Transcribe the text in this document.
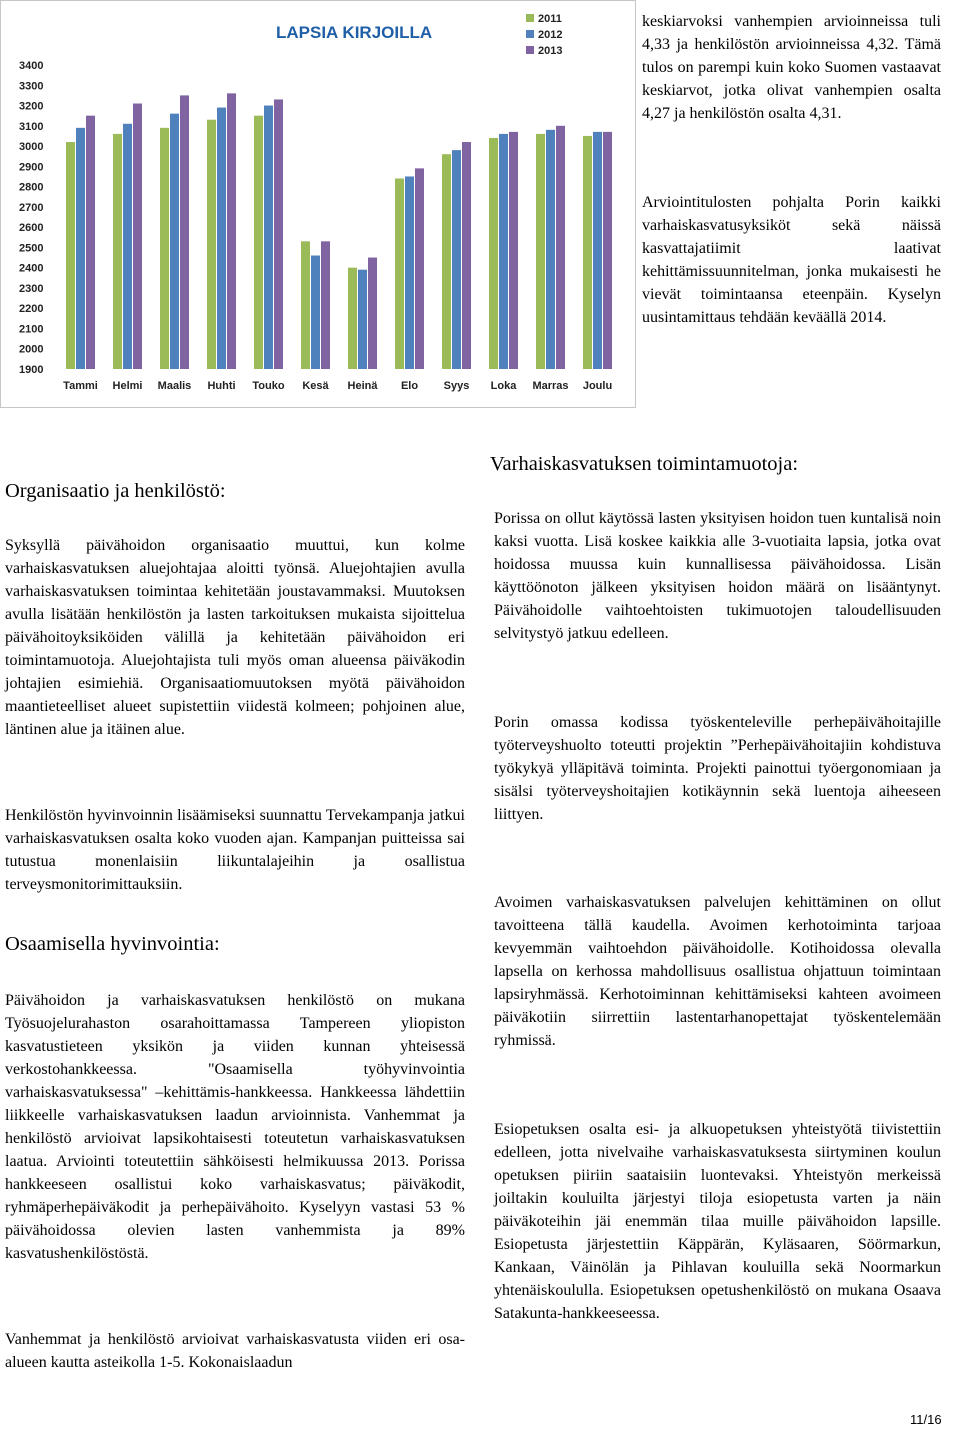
LAPSIA KIRJOILLA
1900
2000
2100
2200
2300
2400
2500
2600
2700
2800
2900
3000
3100
3200
3300
3400
Tammi Helmi Maalis Huhti Touko Kesä Heinä Elo Syys Loka Marras Joulu
2011
2012
2013
keskiarvoksi vanhempien arvioinneissa tuli 4,33 ja henkilöstön arvioinneissa 4,32. Tämä tulos on parempi kuin koko Suomen vastaavat keskiarvot, jotka olivat vanhempien osalta 4,27 ja henkilöstön osalta 4,31.
Arviointitulosten pohjalta Porin kaikki varhaiskasvatusyksiköt sekä näissä kasvattajatiimit laativat kehittämissuunnitelman, jonka mukaisesti he vievät toimintaansa eteenpäin. Kyselyn uusintamittaus tehdään keväällä 2014.
Organisaatio ja henkilöstö:
Syksyllä päivähoidon organisaatio muuttui, kun kolme varhaiskasvatuksen aluejohtajaa aloitti työnsä. Aluejohtajien avulla varhaiskasvatuksen toimintaa kehitetään joustavammaksi. Muutoksen avulla lisätään henkilöstön ja lasten tarkoituksen mukaista sijoittelua päivähoitoyksiköiden välillä ja kehitetään päivähoidon eri toimintamuotoja. Aluejohtajista tuli myös oman alueensa päiväkodin johtajien esimiehiä. Organisaatiomuutoksen myötä päivähoidon maantieteelliset alueet supistettiin viidestä kolmeen; pohjoinen alue, läntinen alue ja itäinen alue.
Henkilöstön hyvinvoinnin lisäämiseksi suunnattu Tervekampanja jatkui varhaiskasvatuksen osalta koko vuoden ajan. Kampanjan puitteissa sai tutustua monenlaisiin liikuntalajeihin ja osallistua terveysmonitorimittauksiin.
Osaamisella hyvinvointia:
Päivähoidon ja varhaiskasvatuksen henkilöstö on mukana Työsuojelurahaston osarahoittamassa Tampereen yliopiston kasvatustieteen yksikön ja viiden kunnan yhteisessä verkostohankkeessa. "Osaamisella työhyvinvointia varhaiskasvatuksessa" –kehittämis-hankkeessa. Hankkeessa lähdettiin liikkeelle varhaiskasvatuksen laadun arvioinnista. Vanhemmat ja henkilöstö arvioivat lapsikohtaisesti toteutetun varhaiskasvatuksen laatua. Arviointi toteutettiin sähköisesti helmikuussa 2013. Porissa hankkeeseen osallistui koko varhaiskasvatus; päiväkodit, ryhmäperhepäiväkodit ja perhepäivähoito. Kyselyyn vastasi 53 % päivähoidossa olevien lasten vanhemmista ja 89% kasvatushenkilöstöstä.
Vanhemmat ja henkilöstö arvioivat varhaiskasvatusta viiden eri osa-alueen kautta asteikolla 1-5. Kokonaislaadun
Varhaiskasvatuksen toimintamuotoja:
Porissa on ollut käytössä lasten yksityisen hoidon tuen kuntalisä noin kaksi vuotta. Lisä koskee kaikkia alle 3-vuotiaita lapsia, jotka ovat hoidossa muussa kuin kunnallisessa päivähoidossa. Lisän käyttöönoton jälkeen yksityisen hoidon määrä on lisääntynyt. Päivähoidolle vaihtoehtoisten tukimuotojen taloudellisuuden selvitystyö jatkuu edelleen.
Porin omassa kodissa työskenteleville perhepäivähoitajille työterveyshuolto toteutti projektin ”Perhepäivähoitajiin kohdistuva työkykyä ylläpitävä toiminta. Projekti painottui työergonomiaan ja sisälsi työterveyshoitajien kotikäynnin sekä luentoja aiheeseen liittyen.
Avoimen varhaiskasvatuksen palvelujen kehittäminen on ollut tavoitteena tällä kaudella. Avoimen kerhotoiminta tarjoaa kevyemmän vaihtoehdon päivähoidolle. Kotihoidossa olevalla lapsella on kerhossa mahdollisuus osallistua ohjattuun toimintaan lapsiryhmässä. Kerhotoiminnan kehittämiseksi kahteen avoimeen päiväkotiin siirrettiin lastentarhanopettajat työskentelemään ryhmissä.
Esiopetuksen osalta esi- ja alkuopetuksen yhteistyötä tiivistettiin edelleen, jotta nivelvaihe varhaiskasvatuksesta siirtyminen koulun opetuksen piiriin saataisiin luontevaksi. Yhteistyön merkeissä joiltakin kouluilta järjestyi tiloja esiopetusta varten ja näin päiväkoteihin jäi enemmän tilaa muille päivähoidon lapsille. Esiopetusta järjestettiin Käppärän, Kyläsaaren, Söörmarkun, Kankaan, Väinölän ja Pihlavan kouluilla sekä Noormarkun yhtenäiskoululla. Esiopetuksen opetushenkilöstö on mukana Osaava Satakunta-hankkeeseessa.
11/16
